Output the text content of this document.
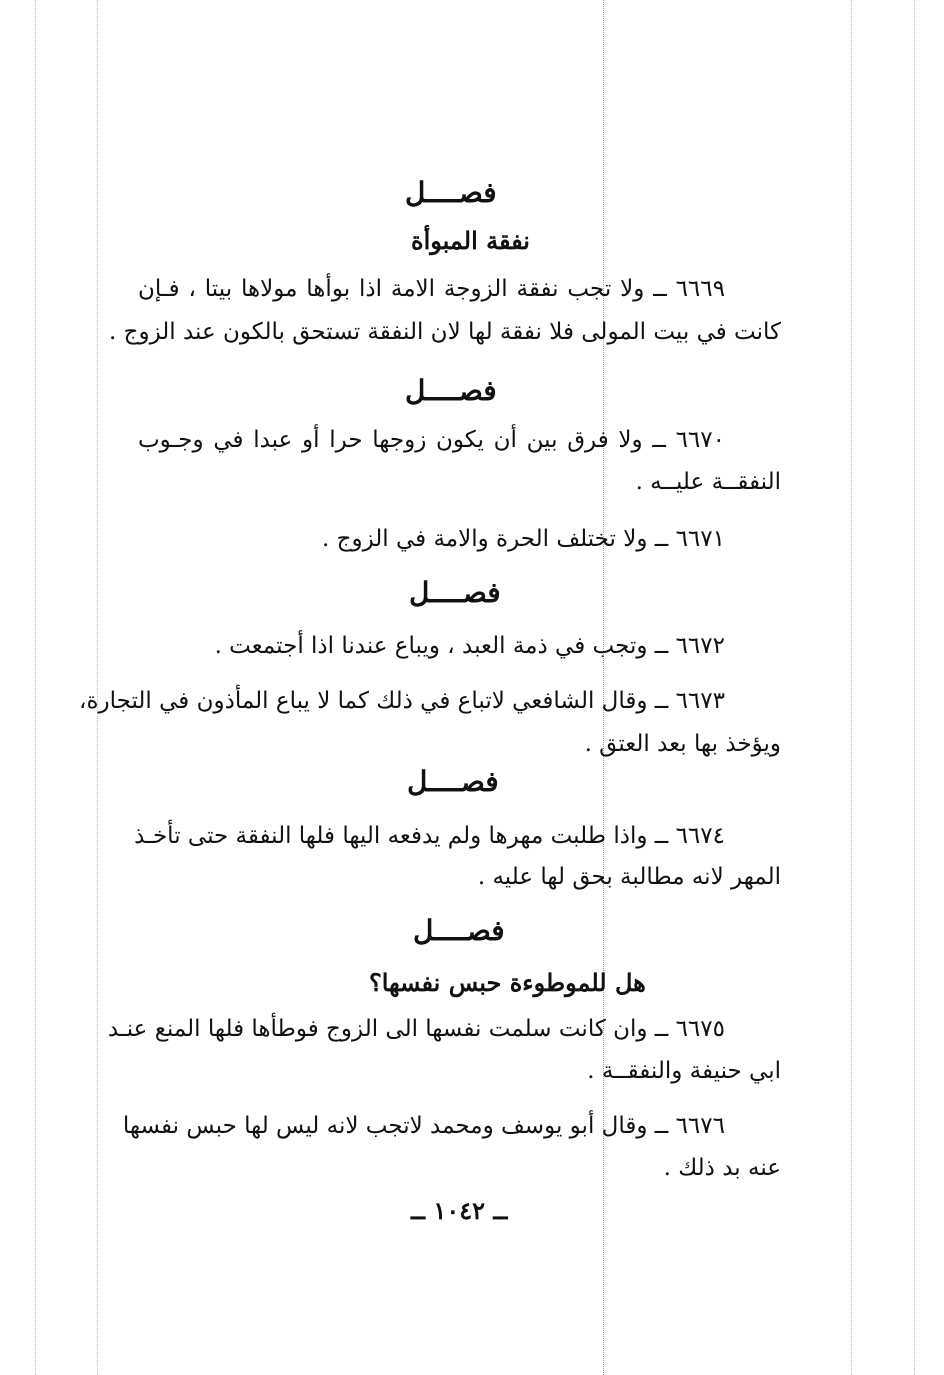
فصــــل
نفقة المبوأة
٦٦٦٩ ــ ولا تجب نفقة الزوجة الامة اذا بوأها مولاها بيتا ، فـإن
كانت في بيت المولى فلا نفقة لها لان النفقة تستحق بالكون عند الزوج .
فصــــل
٦٦٧٠ ــ ولا فرق بين أن يكون زوجها حرا أو عبدا في وجـوب
النفقــة عليــه .
٦٦٧١ ــ ولا تختلف الحرة والامة في الزوج .
فصــــل
٦٦٧٢ ــ وتجب في ذمة العبد ، ويباع عندنا اذا أجتمعت .
٦٦٧٣ ــ وقال الشافعي لاتباع في ذلك كما لا يباع المأذون في التجارة،
ويؤخذ بها بعد العتق .
فصــــل
٦٦٧٤ ــ واذا طلبت مهرها ولم يدفعه اليها فلها النفقة حتى تأخـذ
المهر لانه مطالبة بحق لها عليه .
فصــــل
هل للموطوءة حبس نفسها؟
٦٦٧٥ ــ وان كانت سلمت نفسها الى الزوج فوطأها فلها المنع عنـد
ابي حنيفة والنفقــة .
٦٦٧٦ ــ وقال أبو يوسف ومحمد لاتجب لانه ليس لها حبس نفسها
عنه بد ذلك .
ــ ١٠٤٢ ــ
